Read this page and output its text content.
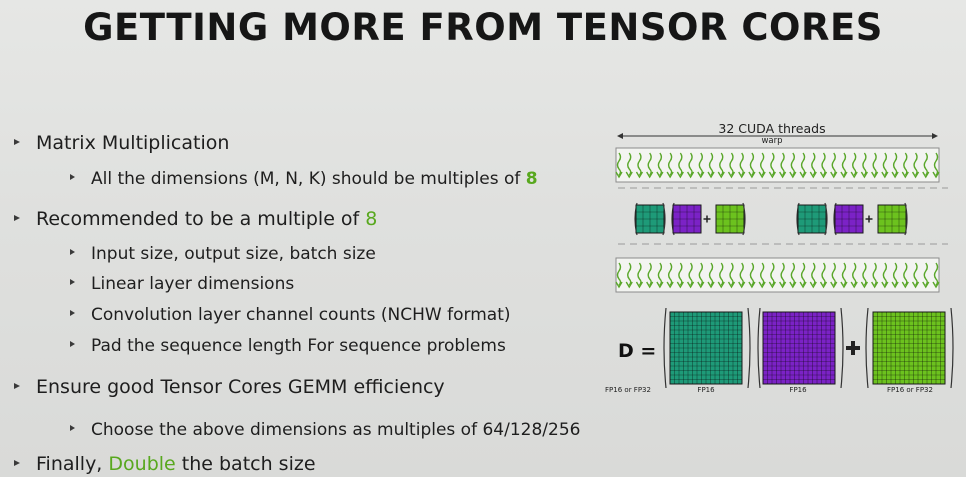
GETTING MORE FROM TENSOR CORES
Matrix Multiplication
All the dimensions (M, N, K) should be multiples of 8
Recommended to be a multiple of 8
Input size, output size, batch size
Linear layer dimensions
Convolution layer channel counts (NCHW format)
Pad the sequence length For sequence problems
Ensure good Tensor Cores GEMM efficiency
Choose the above dimensions as multiples of 64/128/256
Finally, Double the batch size
32 CUDA threads
warp
D =
FP16 or FP32	FP16	FP16	FP16 or FP32
